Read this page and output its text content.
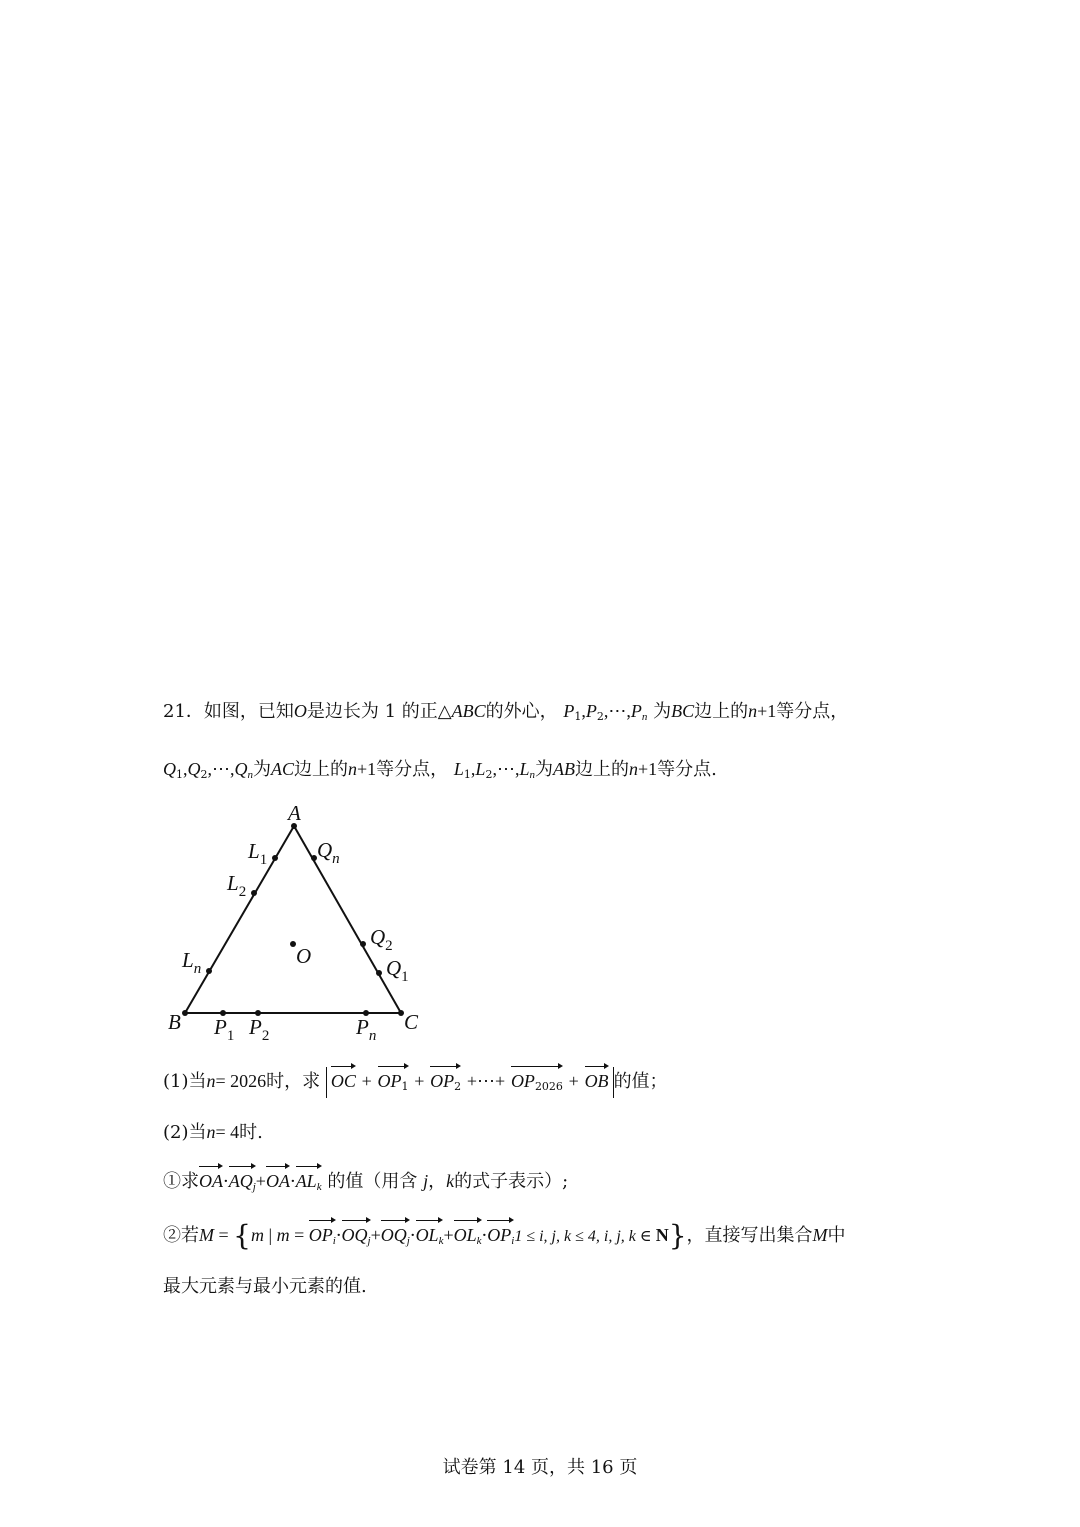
21．如图，已知O是边长为 1 的正△ABC的外心， $P_1,P_2,\cdots,P_n$ 为BC边上的n+1等分点，
$Q_1,Q_2,\cdots,Q_n$为AC边上的n+1等分点， $L_1,L_2,\cdots,L_n$为AB边上的n+1等分点.
A
B	C
O
$L_1$
$L_2$
$L_n$
$Q_n$
$Q_2$
$Q_1$
$P_1$ $P_2$	$P_n$
(1)当n= 2026时，求 OC + $OP_1 + OP_2$ +⋯+ $OP_{2026}$ + OB 的值；
(2)当n= 4时.
①求$OA\cdot AQ_j+OA\cdot AL_k$ 的值（用含 j，k的式子表示）;
②若M = {m | $m = OP_i\cdot OQ_j+OQ_j\cdot OL_k+OL_k\cdot OP_i1 \le i$, j, k ≤ 4, i, j, k ∈ N}，直接写出集合M中
最大元素与最小元素的值.
试卷第 14 页，共 16 页
